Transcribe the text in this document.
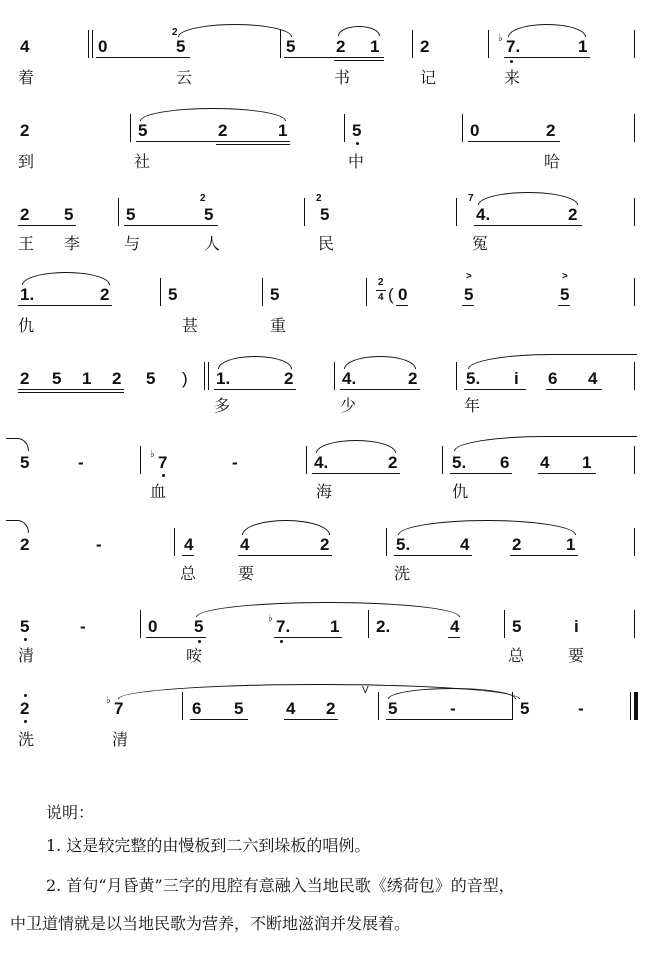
4	0
2
5	5 2 1 2	♭ 7.	1
着	云	书	记	来
2	5	2	1	5	0	2
到	社	中	哈
2 5	5
2
5
2
5
7
4.	2
王 李	与	人	民	冤
1.	2	5	5
2
4 ( 0
>
5
>
5
仇	甚	重
2 5 1 2 5 ) 1.	2	4.	2	5. i 6 4
多	少	年
5	-	♭ 7	-	4.	2	5. 6 4 1
血	海	仇
2	-	4	4	2	5.	4	2	1
总	要	洗
5	-	0 5	♭ 7. 1 2.	4	5	i
清	咹	总	要
2	♭ 7	6 5	4 2
V
5	-	5	-
洗	清
说明：
1. 这是较完整的由慢板到二六到垛板的唱例。
2. 首句“月昏黄”三字的甩腔有意融入当地民歌《绣荷包》的音型，
中卫道情就是以当地民歌为营养，不断地滋润并发展着。
